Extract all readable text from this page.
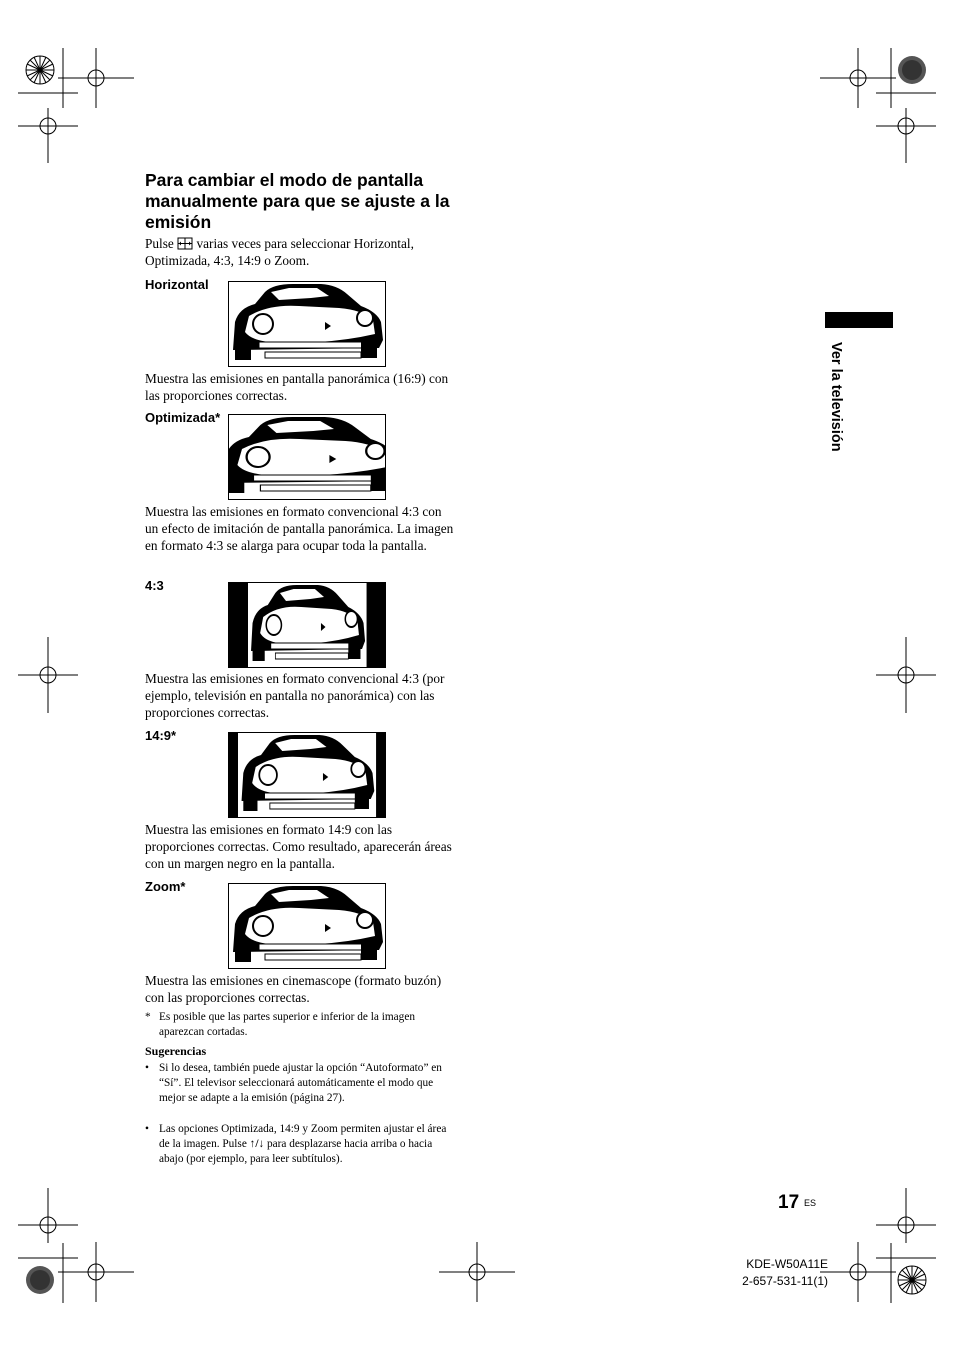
Para cambiar el modo de pantalla manualmente para que se ajuste a la emisión
Pulse varias veces para seleccionar Horizontal, Optimizada, 4:3, 14:9 o Zoom.
Horizontal
Muestra las emisiones en pantalla panorámica (16:9) con las proporciones correctas.
Optimizada*
Muestra las emisiones en formato convencional 4:3 con un efecto de imitación de pantalla panorámica. La imagen en formato 4:3 se alarga para ocupar toda la pantalla.
4:3
Muestra las emisiones en formato convencional 4:3 (por ejemplo, televisión en pantalla no panorámica) con las proporciones correctas.
14:9*
Muestra las emisiones en formato 14:9 con las proporciones correctas. Como resultado, aparecerán áreas con un margen negro en la pantalla.
Zoom*
Muestra las emisiones en cinemascope (formato buzón) con las proporciones correctas.
* Es posible que las partes superior e inferior de la imagen aparezcan cortadas.
Sugerencias
• Si lo desea, también puede ajustar la opción “Autoformato” en “Sí”. El televisor seleccionará automáticamente el modo que mejor se adapte a la emisión (página 27).
• Las opciones Optimizada, 14:9 y Zoom permiten ajustar el área de la imagen. Pulse ↑/↓ para desplazarse hacia arriba o hacia abajo (por ejemplo, para leer subtítulos).
Ver la televisión
17 ES
KDE-W50A11E
2-657-531-11(1)
